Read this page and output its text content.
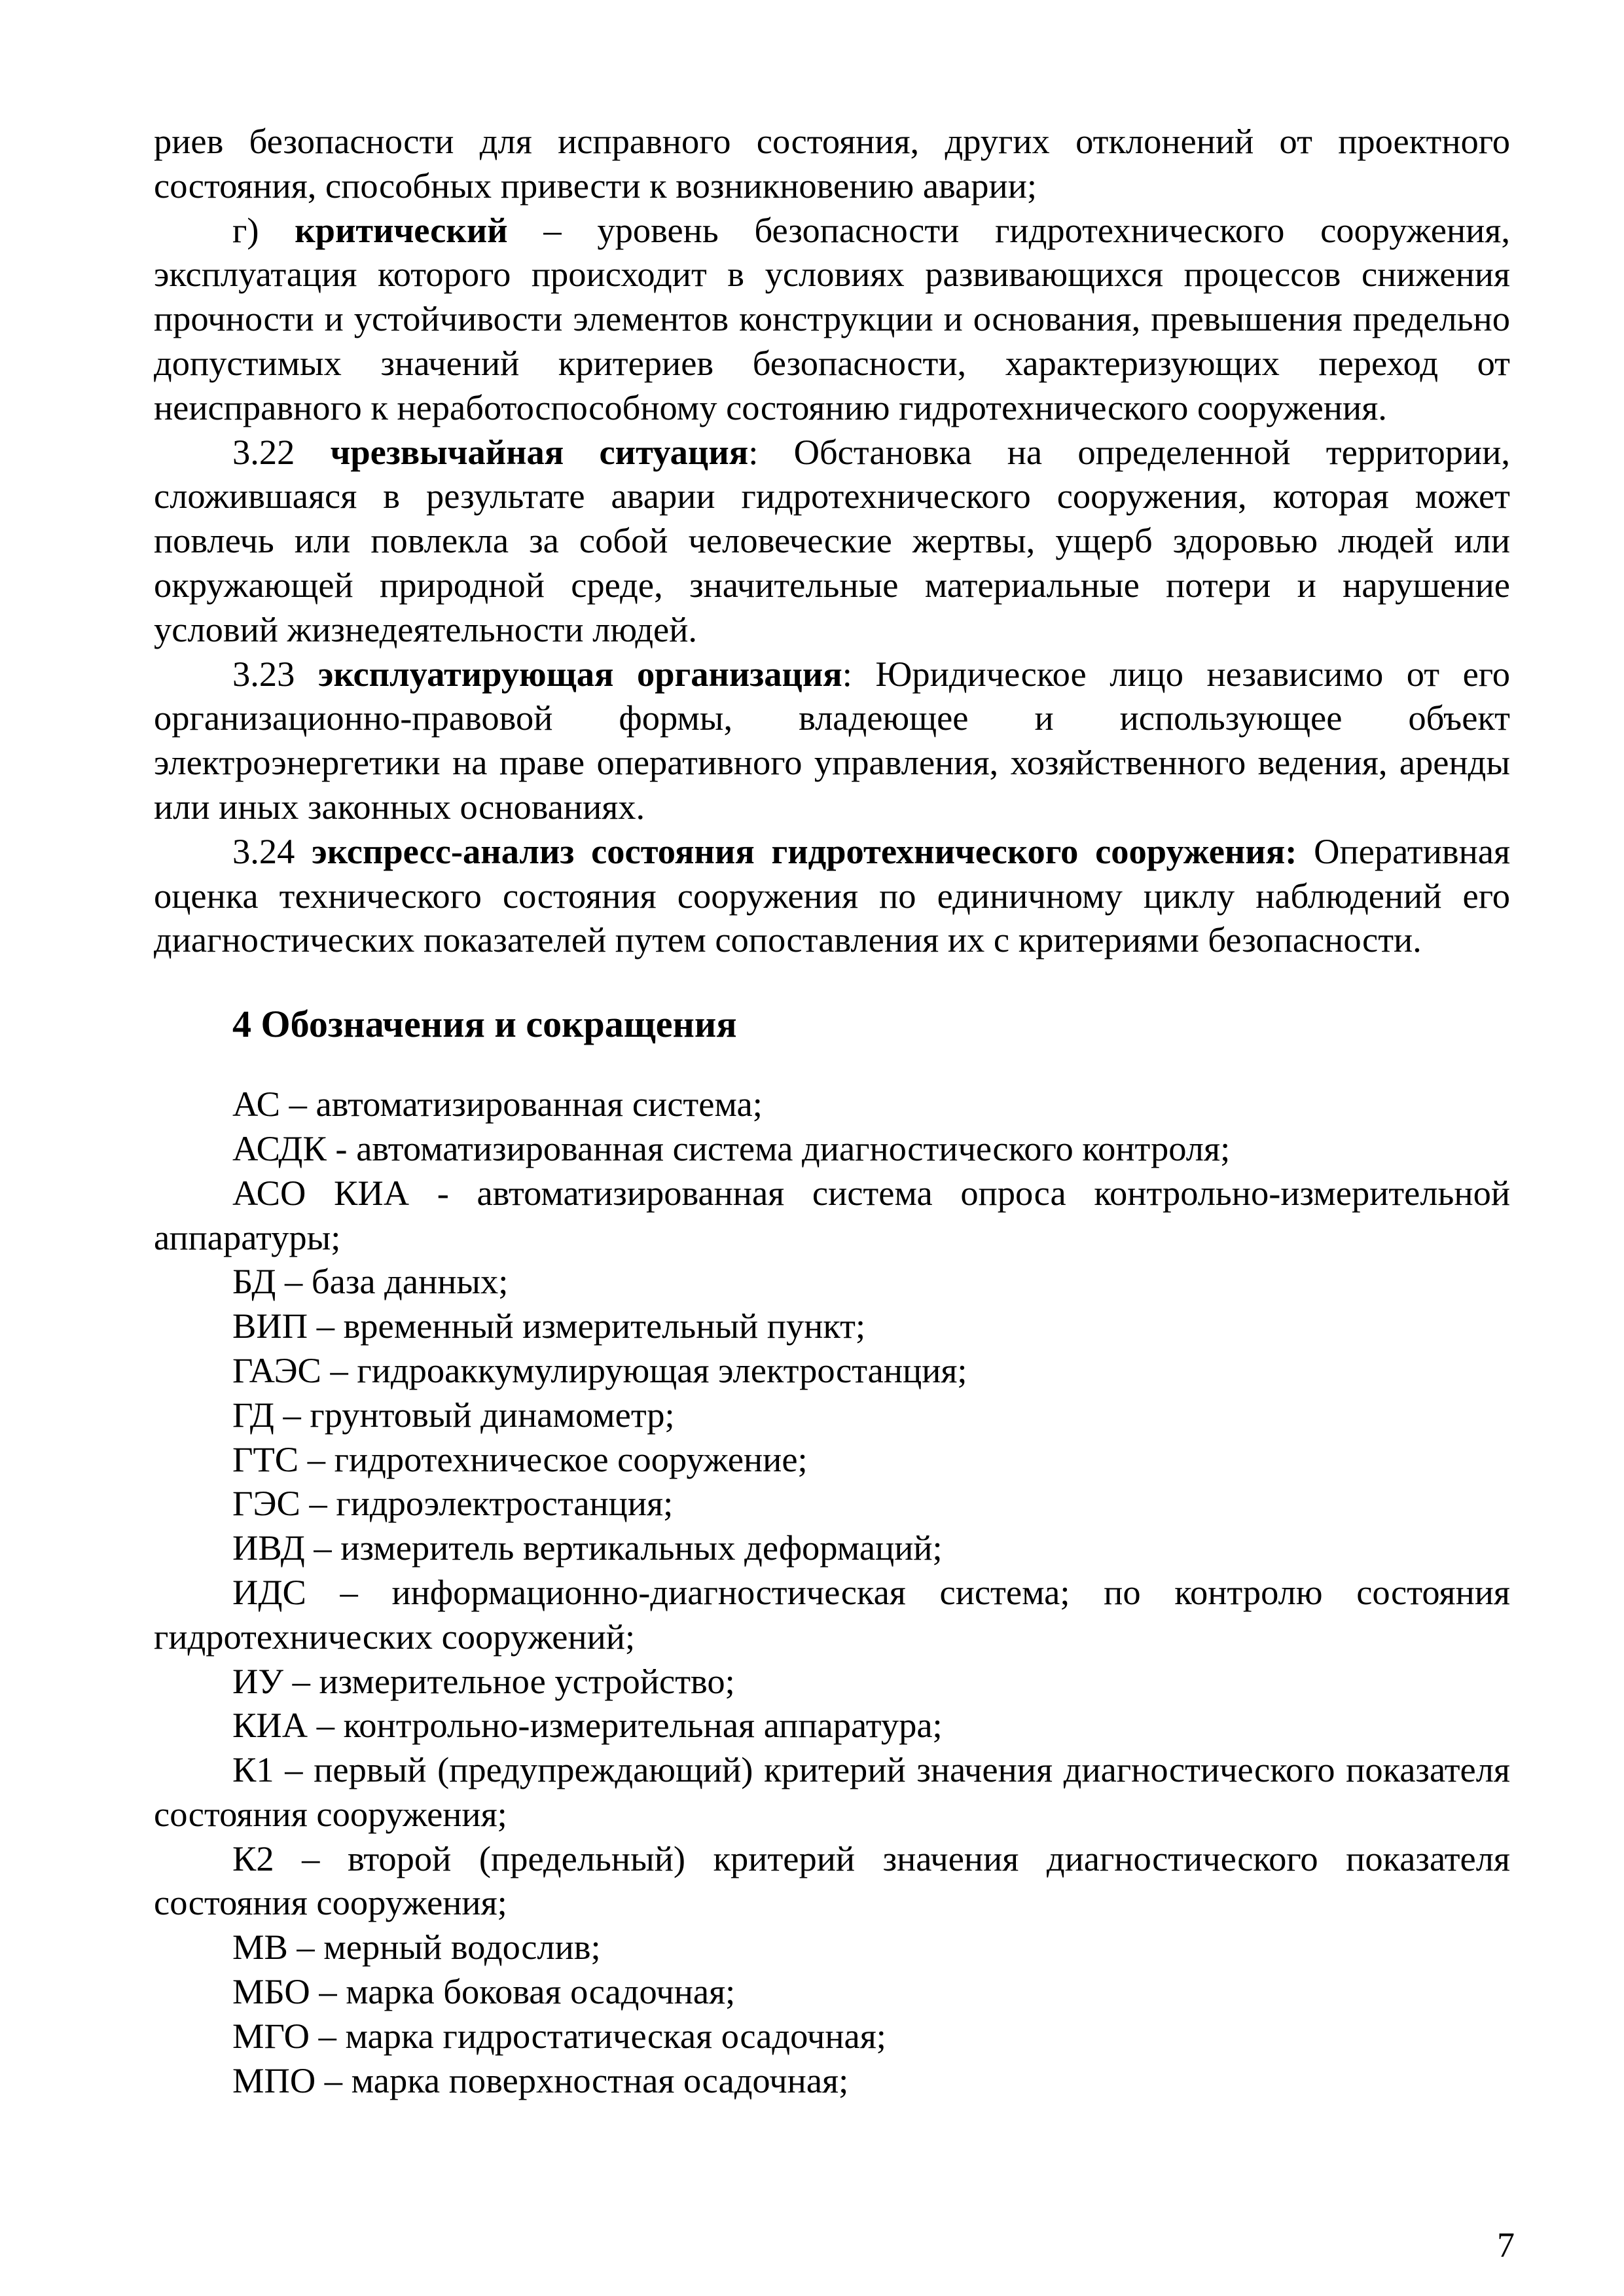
риев безопасности для исправного состояния, других отклонений от проектного состояния, способных привести к возникновению аварии;

г) критический – уровень безопасности гидротехнического сооружения, эксплуатация которого происходит в условиях развивающихся процессов снижения прочности и устойчивости элементов конструкции и основания, превышения предельно допустимых значений критериев безопасности, характеризующих переход от неисправного к неработоспособному состоянию гидротехнического сооружения.

3.22 чрезвычайная ситуация: Обстановка на определенной территории, сложившаяся в результате аварии гидротехнического сооружения, которая может повлечь или повлекла за собой человеческие жертвы, ущерб здоровью людей или окружающей природной среде, значительные материальные потери и нарушение условий жизнедеятельности людей.

3.23 эксплуатирующая организация: Юридическое лицо независимо от его организационно-правовой формы, владеющее и использующее объект электроэнергетики на праве оперативного управления, хозяйственного ведения, аренды или иных законных основаниях.

3.24 экспресс-анализ состояния гидротехнического сооружения: Оперативная оценка технического состояния сооружения по единичному циклу наблюдений его диагностических показателей путем сопоставления их с критериями безопасности.

4 Обозначения и сокращения

АС – автоматизированная система;

АСДК - автоматизированная система диагностического контроля;

АСО КИА - автоматизированная система опроса контрольно-измерительной аппаратуры;

БД – база данных;

ВИП – временный измерительный пункт;

ГАЭС – гидроаккумулирующая электростанция;

ГД – грунтовый динамометр;

ГТС – гидротехническое сооружение;

ГЭС – гидроэлектростанция;

ИВД – измеритель вертикальных деформаций;

ИДС – информационно-диагностическая система; по контролю состояния гидротехнических сооружений;

ИУ – измерительное устройство;

КИА – контрольно-измерительная аппаратура;

К1 – первый (предупреждающий) критерий значения диагностического показателя состояния сооружения;

К2 – второй (предельный) критерий значения диагностического показателя состояния сооружения;

МВ – мерный водослив;

МБО – марка боковая осадочная;

МГО – марка гидростатическая осадочная;

МПО – марка поверхностная осадочная;

7
